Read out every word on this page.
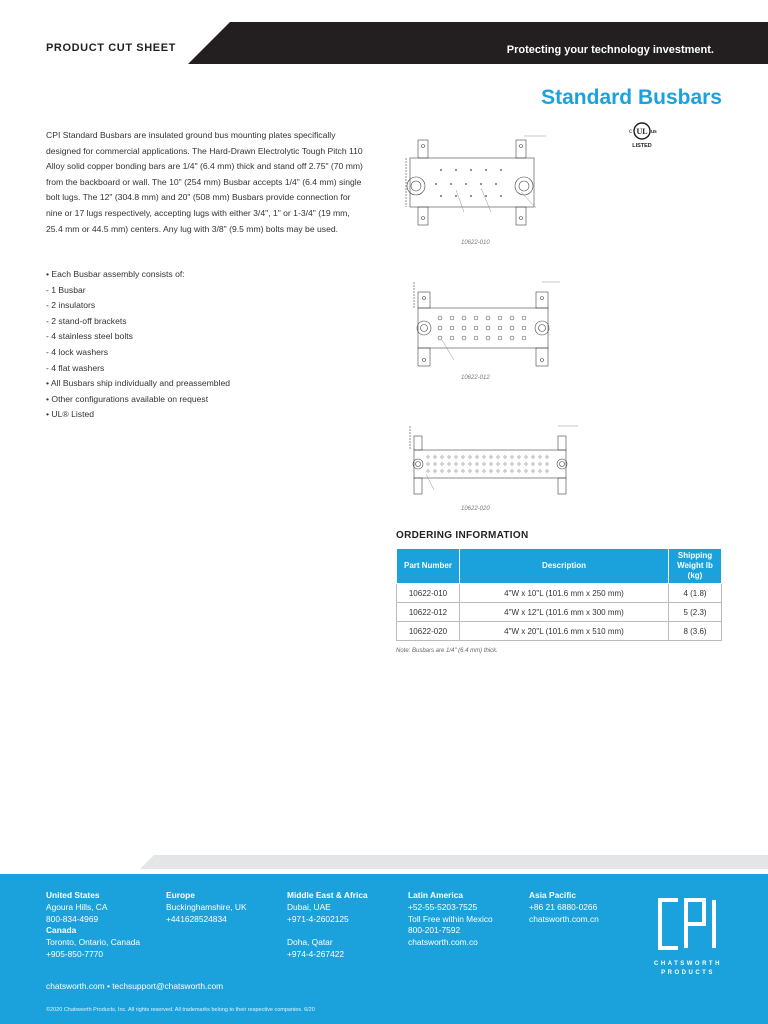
PRODUCT CUT SHEET	Protecting your technology investment.
Standard Busbars
UL
c	us
LISTED

CPI Standard Busbars are insulated ground bus mounting plates specifically designed for commercial applications. The Hard-Drawn Electrolytic Tough Pitch 110 Alloy solid copper bonding bars are 1/4" (6.4 mm) thick and stand off 2.75" (70 mm) from the backboard or wall. The 10" (254 mm) Busbar accepts 1/4" (6.4 mm) single bolt lugs. The 12" (304.8 mm) and 20" (508 mm) Busbars provide connection for nine or 17 lugs respectively, accepting lugs with either 3/4", 1" or 1-3/4" (19 mm, 25.4 mm or 44.5 mm) centers. Any lug with 3/8" (9.5 mm) bolts may be used.

• Each Busbar assembly consists of:
- 1 Busbar
- 2 insulators
- 2 stand-off brackets
- 4 stainless steel bolts
- 4 lock washers
- 4 flat washers
• All Busbars ship individually and preassembled
• Other configurations available on request
• UL® Listed
10622-010
10622-012
10622-020
ORDERING INFORMATION
Part Number	Description	Shipping Weight lb (kg)
10622-010	4"W x 10"L (101.6 mm x 250 mm)	4 (1.8)
10622-012	4"W x 12"L (101.6 mm x 300 mm)	5 (2.3)
10622-020	4"W x 20"L (101.6 mm x 510 mm)	8 (3.6)
Note: Busbars are 1/4" (6.4 mm) thick.
United States
Agoura Hills, CA
800-834-4969
Canada
Toronto, Ontario, Canada
+905-850-7770
Europe
Buckinghamshire, UK
+441628524834
Middle East & Africa
Dubai, UAE
+971-4-2602125
Doha, Qatar
+974-4-267422
Latin America
+52-55-5203-7525
Toll Free within Mexico
800-201-7592
chatsworth.com.co
Asia Pacific
+86 21 6880-0266
chatsworth.com.cn
chatsworth.com • techsupport@chatsworth.com
©2020 Chatsworth Products, Inc. All rights reserved. All trademarks belong to their respective companies. 6/20
CHATSWORTH
PRODUCTS
